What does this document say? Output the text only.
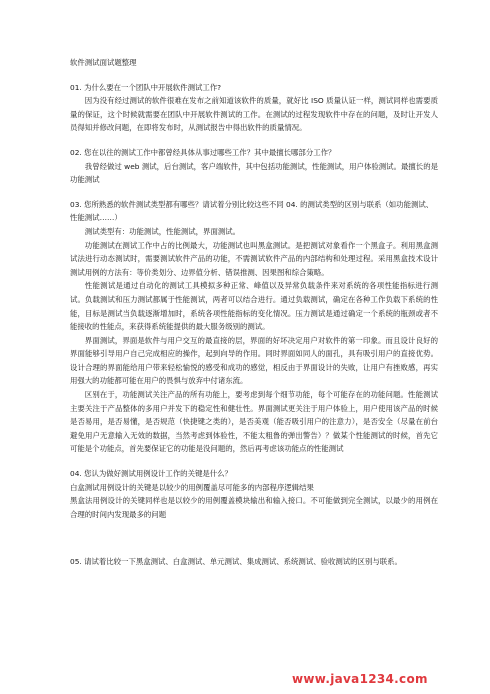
软件测试面试题整理
01. 为什么要在一个团队中开展软件测试工作?

因为没有经过测试的软件很难在发布之前知道该软件的质量，就好比 ISO 质量认证一样，测试同样也需要质量的保证，这个时候就需要在团队中开展软件测试的工作。在测试的过程发现软件中存在的问题，及时让开发人员得知并修改问题，在即将发布时，从测试报告中得出软件的质量情况。

02. 您在以往的测试工作中都曾经具体从事过哪些工作？其中最擅长哪部分工作？

我曾经做过 web 测试，后台测试，客户端软件，其中包括功能测试，性能测试，用户体验测试。最擅长的是功能测试

03. 您所熟悉的软件测试类型都有哪些？请试着分别比较这些不同 04. 的测试类型的区别与联系（如功能测试、性能测试……）

测试类型有：功能测试，性能测试，界面测试。

功能测试在测试工作中占的比例最大，功能测试也叫黑盒测试。是把测试对象看作一个黑盒子。利用黑盒测试法进行动态测试时，需要测试软件产品的功能，不需测试软件产品的内部结构和处理过程。采用黑盒技术设计测试用例的方法有：等价类划分、边界值分析、错误推测、因果图和综合策略。

性能测试是通过自动化的测试工具模拟多种正常、峰值以及异常负载条件来对系统的各项性能指标进行测试。负载测试和压力测试都属于性能测试，两者可以结合进行。通过负载测试，确定在各种工作负载下系统的性能，目标是测试当负载逐渐增加时，系统各项性能指标的变化情况。压力测试是通过确定一个系统的瓶颈或者不能接收的性能点，来获得系统能提供的最大服务级别的测试。

界面测试，界面是软件与用户交互的最直接的层，界面的好坏决定用户对软件的第一印象。而且设计良好的界面能够引导用户自己完成相应的操作，起到向导的作用。同时界面如同人的面孔，具有吸引用户的直接优势。设计合理的界面能给用户带来轻松愉悦的感受和成功的感觉，相反由于界面设计的失败，让用户有挫败感，再实用强大的功能都可能在用户的畏惧与放弃中付诸东流。

区别在于，功能测试关注产品的所有功能上，要考虑到每个细节功能，每个可能存在的功能问题。性能测试主要关注于产品整体的多用户并发下的稳定性和健壮性。界面测试更关注于用户体验上，用户使用该产品的时候是否易用，是否易懂，是否规范（快捷键之类的），是否美观（能否吸引用户的注意力），是否安全（尽量在前台避免用户无意输入无效的数据，当然考虑到体验性，不能太粗鲁的弹出警告）？做某个性能测试的时候，首先它可能是个功能点，首先要保证它的功能是没问题的，然后再考虑该功能点的性能测试

04. 您认为做好测试用例设计工作的关键是什么？

白盒测试用例设计的关键是以较少的用例覆盖尽可能多的内部程序逻辑结果

黑盒法用例设计的关键同样也是以较少的用例覆盖模块输出和输入接口。不可能做到完全测试，以最少的用例在合理的时间内发现最多的问题

05. 请试着比较一下黑盒测试、白盒测试、单元测试、集成测试、系统测试、验收测试的区别与联系。
www.java1234.com
